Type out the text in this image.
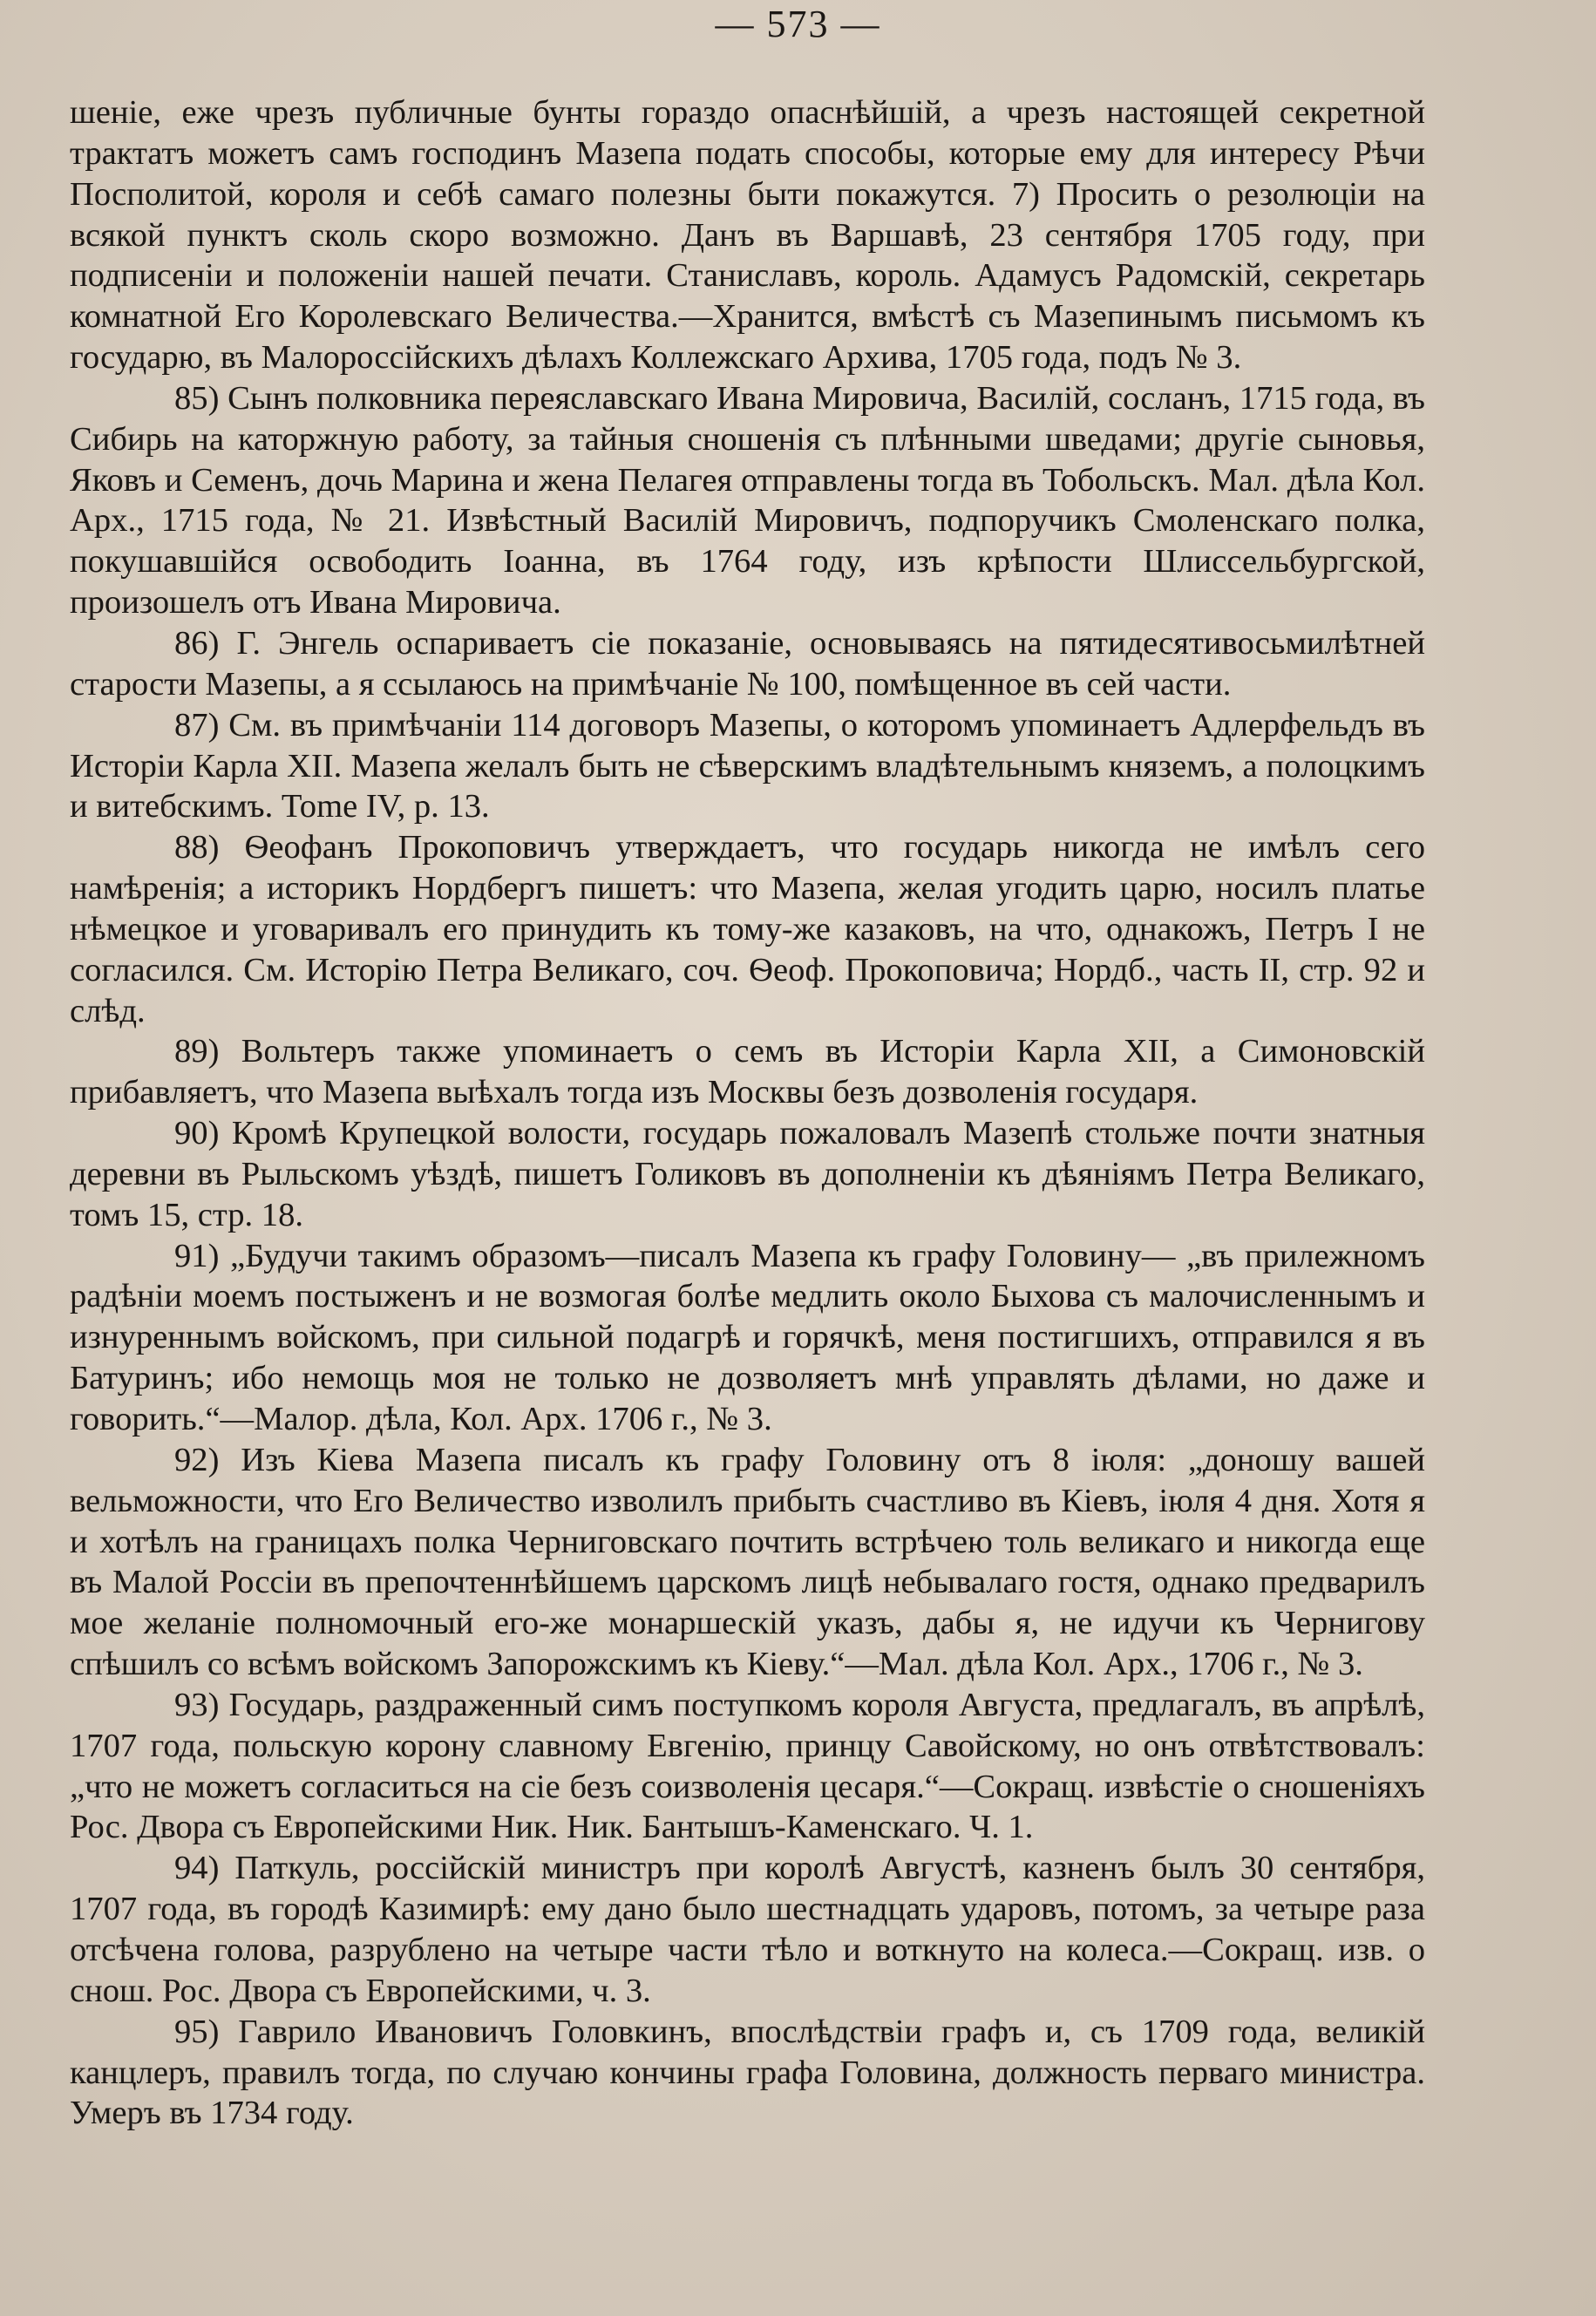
— 573 —
шеніе, еже чрезъ публичные бунты гораздо опаснѣйшій, а чрезъ настоящей секретной трактатъ можетъ самъ господинъ Мазепа подать способы, которые ему для интересу Рѣчи Посполитой, короля и себѣ самаго полезны быти покажутся. 7) Просить о резолюціи на всякой пунктъ сколь скоро возможно. Данъ въ Варшавѣ, 23 сентября 1705 году, при подписеніи и положеніи нашей печати. Станиславъ, король. Адамусъ Радомскій, секретарь комнатной Его Королевскаго Величества.—Хранится, вмѣстѣ съ Мазепинымъ письмомъ къ государю, въ Малороссійскихъ дѣлахъ Коллежскаго Архива, 1705 года, подъ № 3.
85) Сынъ полковника переяславскаго Ивана Мировича, Василій, сосланъ, 1715 года, въ Сибирь на каторжную работу, за тайныя сношенія съ плѣнными шведами; другіе сыновья, Яковъ и Семенъ, дочь Марина и жена Пелагея отправлены тогда въ Тобольскъ. Мал. дѣла Кол. Арх., 1715 года, № 21. Извѣстный Василій Мировичъ, подпоручикъ Смоленскаго полка, покушавшійся освободить Іоанна, въ 1764 году, изъ крѣпости Шлиссельбургской, произошелъ отъ Ивана Мировича.
86) Г. Энгель оспариваетъ сіе показаніе, основываясь на пятидесятивосьмилѣтней старости Мазепы, а я ссылаюсь на примѣчаніе № 100, помѣщенное въ сей части.
87) См. въ примѣчаніи 114 договоръ Мазепы, о которомъ упоминаетъ Адлерфельдъ въ Исторіи Карла XII. Мазепа желалъ быть не сѣверскимъ владѣтельнымъ княземъ, а полоцкимъ и витебскимъ. Tome IV, p. 13.
88) Ѳеофанъ Прокоповичъ утверждаетъ, что государь никогда не имѣлъ сего намѣренія; а историкъ Нордбергъ пишетъ: что Мазепа, желая угодить царю, носилъ платье нѣмецкое и уговаривалъ его принудить къ тому-же казаковъ, на что, однакожъ, Петръ I не согласился. См. Исторію Петра Великаго, соч. Ѳеоф. Прокоповича; Нордб., часть II, стр. 92 и слѣд.
89) Вольтеръ также упоминаетъ о семъ въ Исторіи Карла XII, а Симоновскій прибавляетъ, что Мазепа выѣхалъ тогда изъ Москвы безъ дозволенія государя.
90) Кромѣ Крупецкой волости, государь пожаловалъ Мазепѣ стольже почти знатныя деревни въ Рыльскомъ уѣздѣ, пишетъ Голиковъ въ дополненіи къ дѣяніямъ Петра Великаго, томъ 15, стр. 18.
91) „Будучи такимъ образомъ—писалъ Мазепа къ графу Головину— „въ прилежномъ радѣніи моемъ постыженъ и не возмогая болѣе медлить около Быхова съ малочисленнымъ и изнуреннымъ войскомъ, при сильной подагрѣ и горячкѣ, меня постигшихъ, отправился я въ Батуринъ; ибо немощь моя не только не дозволяетъ мнѣ управлять дѣлами, но даже и говорить.“—Малор. дѣла, Кол. Арх. 1706 г., № 3.
92) Изъ Кіева Мазепа писалъ къ графу Головину отъ 8 іюля: „доношу вашей вельможности, что Его Величество изволилъ прибыть счастливо въ Кіевъ, іюля 4 дня. Хотя я и хотѣлъ на границахъ полка Черниговскаго почтить встрѣчею толь великаго и никогда еще въ Малой Россіи въ препочтеннѣйшемъ царскомъ лицѣ небывалаго гостя, однако предварилъ мое желаніе полномочный его-же монаршескій указъ, дабы я, не идучи къ Чернигову спѣшилъ со всѣмъ войскомъ Запорожскимъ къ Кіеву.“—Мал. дѣла Кол. Арх., 1706 г., № 3.
93) Государь, раздраженный симъ поступкомъ короля Августа, предлагалъ, въ апрѣлѣ, 1707 года, польскую корону славному Евгенію, принцу Савойскому, но онъ отвѣтствовалъ: „что не можетъ согласиться на сіе безъ соизволенія цесаря.“—Сокращ. извѣстіе о сношеніяхъ Рос. Двора съ Европейскими Ник. Ник. Бантышъ-Каменскаго. Ч. 1.
94) Паткуль, россійскій министръ при королѣ Августѣ, казненъ былъ 30 сентября, 1707 года, въ городѣ Казимирѣ: ему дано было шестнадцать ударовъ, потомъ, за четыре раза отсѣчена голова, разрублено на четыре части тѣло и воткнуто на колеса.—Сокращ. изв. о снош. Рос. Двора съ Европейскими, ч. 3.
95) Гаврило Ивановичъ Головкинъ, впослѣдствіи графъ и, съ 1709 года, великій канцлеръ, правилъ тогда, по случаю кончины графа Головина, должность перваго министра. Умеръ въ 1734 году.
